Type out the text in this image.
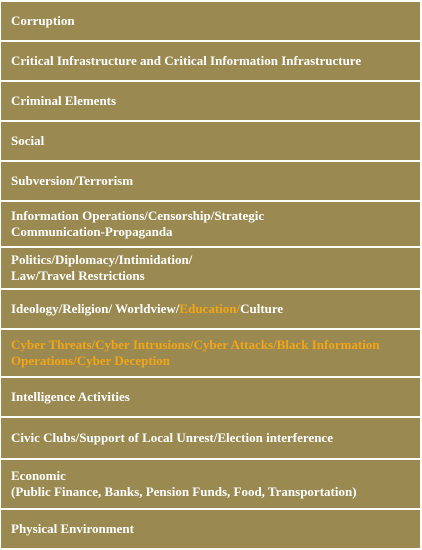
Corruption
Critical Infrastructure and Critical Information Infrastructure
Criminal Elements
Social
Subversion/Terrorism
Information Operations/Censorship/Strategic
Communication-Propaganda
Politics/Diplomacy/Intimidation/
Law/Travel Restrictions
Ideology/Religion/ Worldview/Education/Culture
Cyber Threats/Cyber Intrusions/Cyber Attacks/Black Information
Operations/Cyber Deception
Intelligence Activities
Civic Clubs/Support of Local Unrest/Election interference
Economic
(Public Finance, Banks, Pension Funds, Food, Transportation)
Physical Environment
